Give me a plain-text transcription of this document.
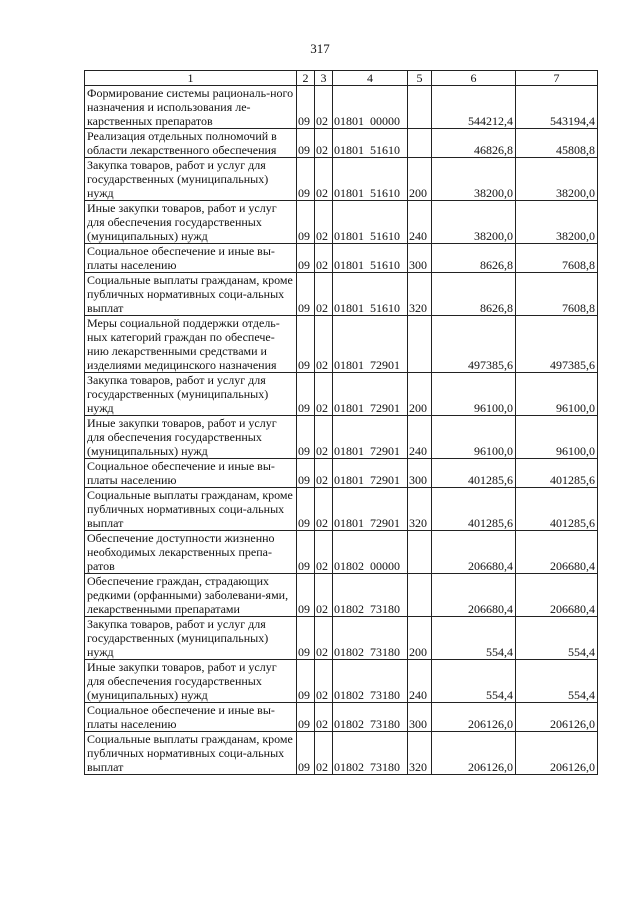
317
1	2	3	4	5	6	7
Формирование системы рациональ-ного назначения и использования ле-карственных препаратов	09	02	01801 00000		544212,4	543194,4
Реализация отдельных полномочий в области лекарственного обеспечения	09	02	01801 51610		46826,8	45808,8
Закупка товаров, работ и услуг для государственных (муниципальных) нужд	09	02	01801 51610	200	38200,0	38200,0
Иные закупки товаров, работ и услуг для обеспечения государственных (муниципальных) нужд	09	02	01801 51610	240	38200,0	38200,0
Социальное обеспечение и иные вы-платы населению	09	02	01801 51610	300	8626,8	7608,8
Социальные выплаты гражданам, кроме публичных нормативных соци-альных выплат	09	02	01801 51610	320	8626,8	7608,8
Меры социальной поддержки отдель-ных категорий граждан по обеспече-нию лекарственными средствами и изделиями медицинского назначения	09	02	01801 72901		497385,6	497385,6
Закупка товаров, работ и услуг для государственных (муниципальных) нужд	09	02	01801 72901	200	96100,0	96100,0
Иные закупки товаров, работ и услуг для обеспечения государственных (муниципальных) нужд	09	02	01801 72901	240	96100,0	96100,0
Социальное обеспечение и иные вы-платы населению	09	02	01801 72901	300	401285,6	401285,6
Социальные выплаты гражданам, кроме публичных нормативных соци-альных выплат	09	02	01801 72901	320	401285,6	401285,6
Обеспечение доступности жизненно необходимых лекарственных препа-ратов	09	02	01802 00000		206680,4	206680,4
Обеспечение граждан, страдающих редкими (орфанными) заболевани-ями, лекарственными препаратами	09	02	01802 73180		206680,4	206680,4
Закупка товаров, работ и услуг для государственных (муниципальных) нужд	09	02	01802 73180	200	554,4	554,4
Иные закупки товаров, работ и услуг для обеспечения государственных (муниципальных) нужд	09	02	01802 73180	240	554,4	554,4
Социальное обеспечение и иные вы-платы населению	09	02	01802 73180	300	206126,0	206126,0
Социальные выплаты гражданам, кроме публичных нормативных соци-альных выплат	09	02	01802 73180	320	206126,0	206126,0
